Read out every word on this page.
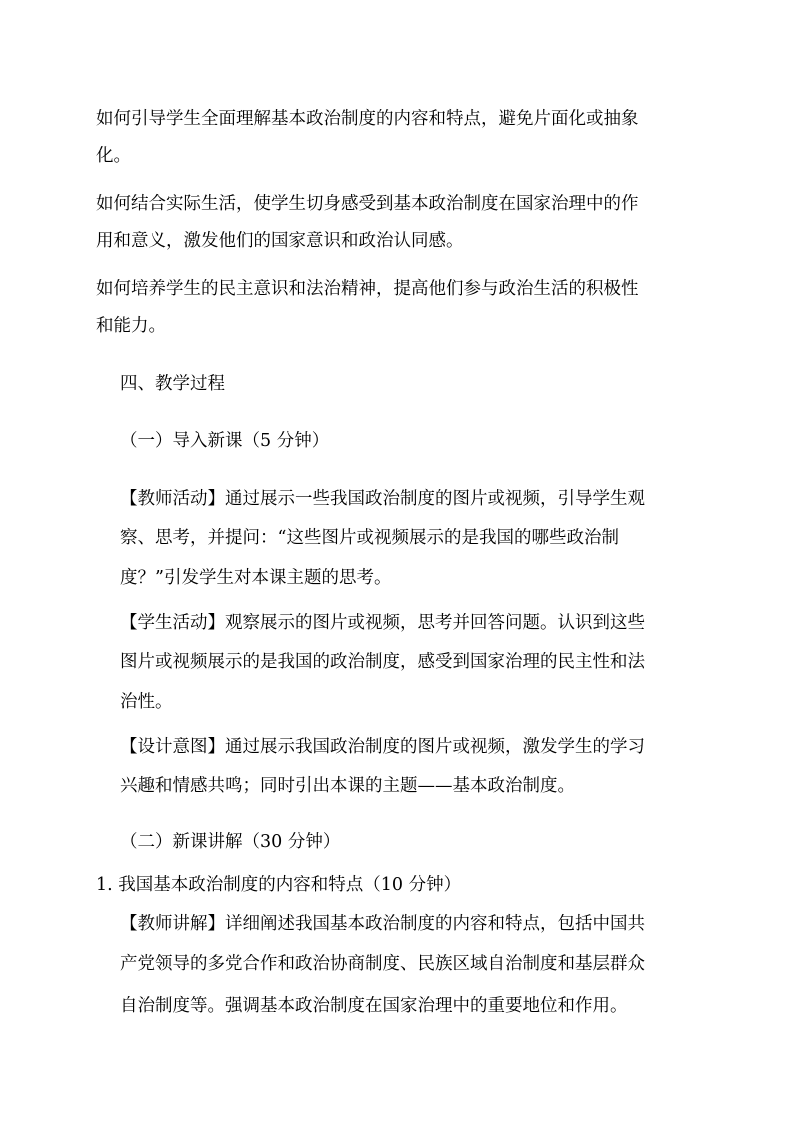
如何引导学生全面理解基本政治制度的内容和特点，避免片面化或抽象
化。
如何结合实际生活，使学生切身感受到基本政治制度在国家治理中的作
用和意义，激发他们的国家意识和政治认同感。
如何培养学生的民主意识和法治精神，提高他们参与政治生活的积极性
和能力。
四、教学过程
（一）导入新课（5 分钟）
【教师活动】通过展示一些我国政治制度的图片或视频，引导学生观
察、思考，并提问：“这些图片或视频展示的是我国的哪些政治制
度？”引发学生对本课主题的思考。
【学生活动】观察展示的图片或视频，思考并回答问题。认识到这些
图片或视频展示的是我国的政治制度，感受到国家治理的民主性和法
治性。
【设计意图】通过展示我国政治制度的图片或视频，激发学生的学习
兴趣和情感共鸣；同时引出本课的主题——基本政治制度。
（二）新课讲解（30 分钟）
1. 我国基本政治制度的内容和特点（10 分钟）
【教师讲解】详细阐述我国基本政治制度的内容和特点，包括中国共
产党领导的多党合作和政治协商制度、民族区域自治制度和基层群众
自治制度等。强调基本政治制度在国家治理中的重要地位和作用。
